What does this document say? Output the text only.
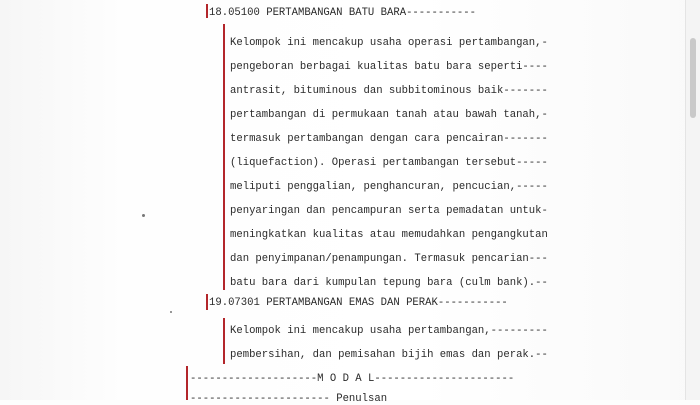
18.05100 PERTAMBANGAN BATU BARA-----------
Kelompok ini mencakup usaha operasi pertambangan,-
pengeboran berbagai kualitas batu bara seperti----
antrasit, bituminous dan subbitominous baik-------
pertambangan di permukaan tanah atau bawah tanah,-
termasuk pertambangan dengan cara pencairan-------
(liquefaction). Operasi pertambangan tersebut-----
meliputi penggalian, penghancuran, pencucian,-----
penyaringan dan pencampuran serta pemadatan untuk-
meningkatkan kualitas atau memudahkan pengangkutan
dan penyimpanan/penampungan. Termasuk pencarian---
batu bara dari kumpulan tepung bara (culm bank).--
19.07301 PERTAMBANGAN EMAS DAN PERAK-----------
Kelompok ini mencakup usaha pertambangan,---------
pembersihan, dan pemisahan bijih emas dan perak.--
--------------------M O D A L----------------------
---------------------- Penulsan
